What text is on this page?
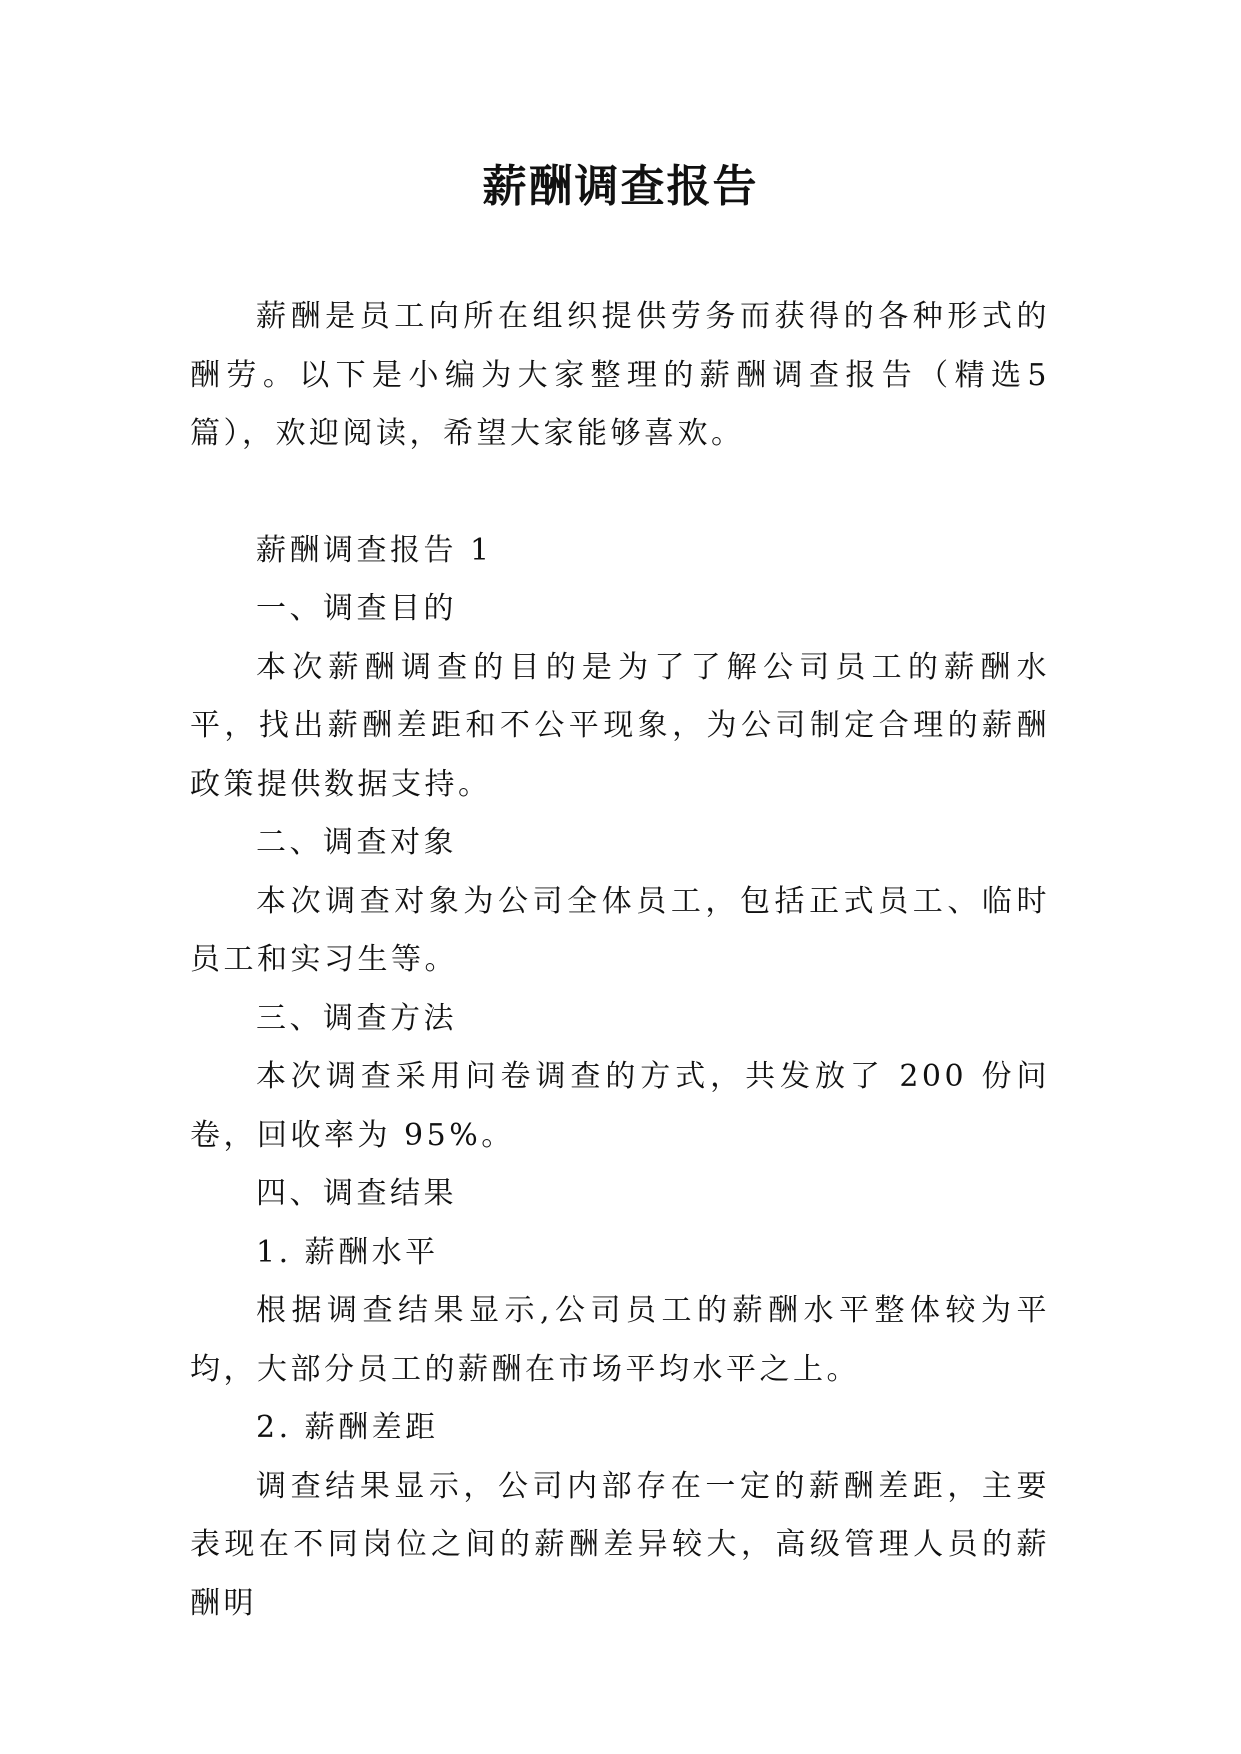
薪酬调查报告

薪酬是员工向所在组织提供劳务而获得的各种形式的酬劳。以下是小编为大家整理的薪酬调查报告（精选5篇），欢迎阅读，希望大家能够喜欢。

薪酬调查报告 1

一、调查目的

本次薪酬调查的目的是为了了解公司员工的薪酬水平，找出薪酬差距和不公平现象，为公司制定合理的薪酬政策提供数据支持。

二、调查对象

本次调查对象为公司全体员工，包括正式员工、临时员工和实习生等。

三、调查方法

本次调查采用问卷调查的方式，共发放了 200 份问卷，回收率为 95%。

四、调查结果

1. 薪酬水平

根据调查结果显示,公司员工的薪酬水平整体较为平均，大部分员工的薪酬在市场平均水平之上。

2. 薪酬差距

调查结果显示，公司内部存在一定的薪酬差距，主要表现在不同岗位之间的薪酬差异较大，高级管理人员的薪酬明
